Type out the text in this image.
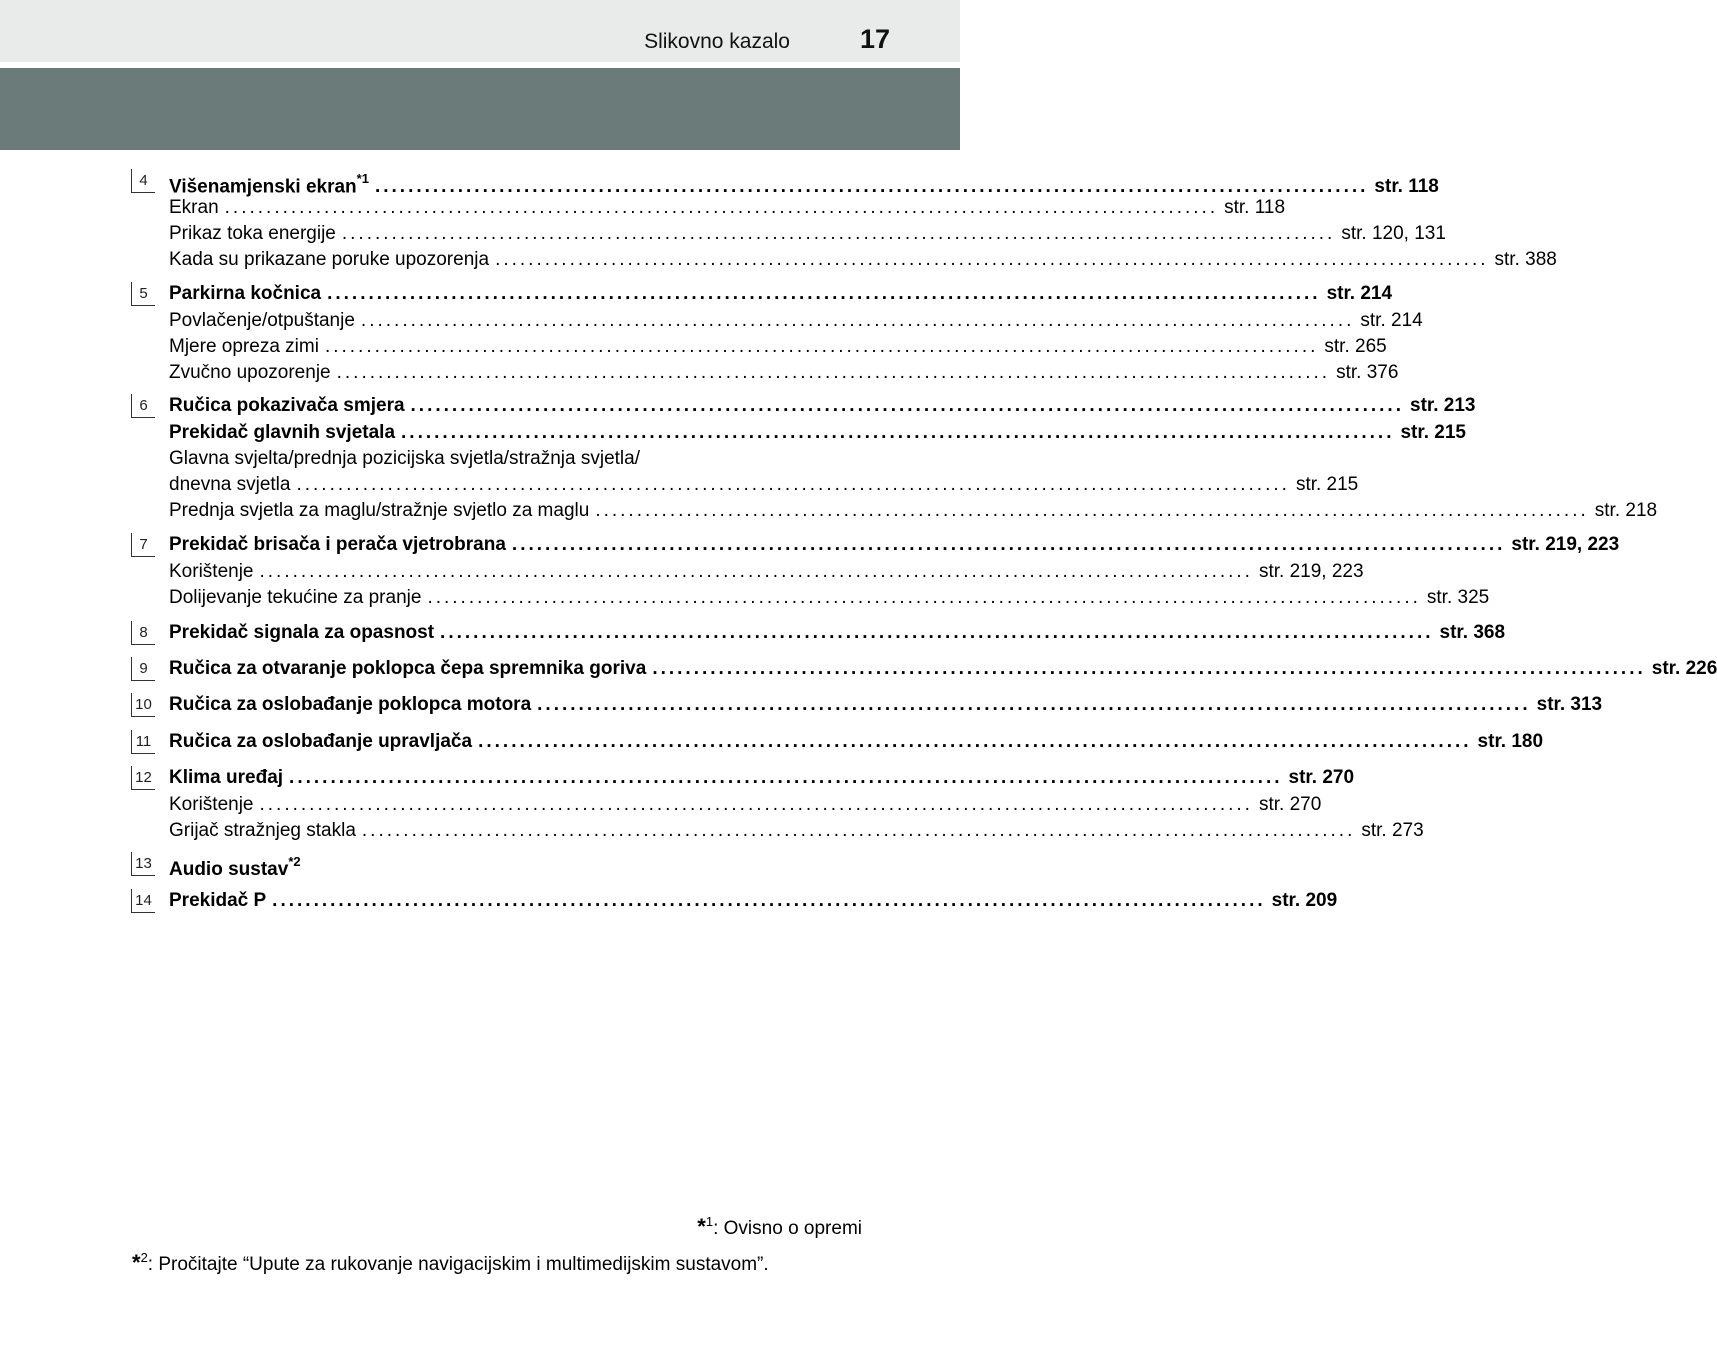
Slikovno kazalo	17
4	Višenamjenski ekran$^{*1}$ ........................................................................................................................ str. 118
Ekran ........................................................................................................................ str. 118
Prikaz toka energije ........................................................................................................................ str. 120, 131
Kada su prikazane poruke upozorenja ........................................................................................................................ str. 388
5	Parkirna kočnica ........................................................................................................................ str. 214
Povlačenje/otpuštanje ........................................................................................................................ str. 214
Mjere opreza zimi ........................................................................................................................ str. 265
Zvučno upozorenje ........................................................................................................................ str. 376
6	Ručica pokazivača smjera ........................................................................................................................ str. 213
Prekidač glavnih svjetala ........................................................................................................................ str. 215
Glavna svjelta/prednja pozicijska svjetla/stražnja svjetla/
dnevna svjetla ........................................................................................................................ str. 215
Prednja svjetla za maglu/stražnje svjetlo za maglu ........................................................................................................................ str. 218
7	Prekidač brisača i perača vjetrobrana ........................................................................................................................ str. 219, 223
Korištenje ........................................................................................................................ str. 219, 223
Dolijevanje tekućine za pranje ........................................................................................................................ str. 325
8	Prekidač signala za opasnost ........................................................................................................................ str. 368
9	Ručica za otvaranje poklopca čepa spremnika goriva ........................................................................................................................ str. 226
10 Ručica za oslobađanje poklopca motora ........................................................................................................................ str. 313
11 Ručica za oslobađanje upravljača ........................................................................................................................ str. 180
12 Klima uređaj ........................................................................................................................ str. 270
Korištenje ........................................................................................................................ str. 270
Grijač stražnjeg stakla ........................................................................................................................ str. 273
13 Audio sustav$^{*2}$
14 Prekidač P ........................................................................................................................ str. 209
*$^1$: Ovisno o opremi
*$^2$: Pročitajte “Upute za rukovanje navigacijskim i multimedijskim sustavom”.
